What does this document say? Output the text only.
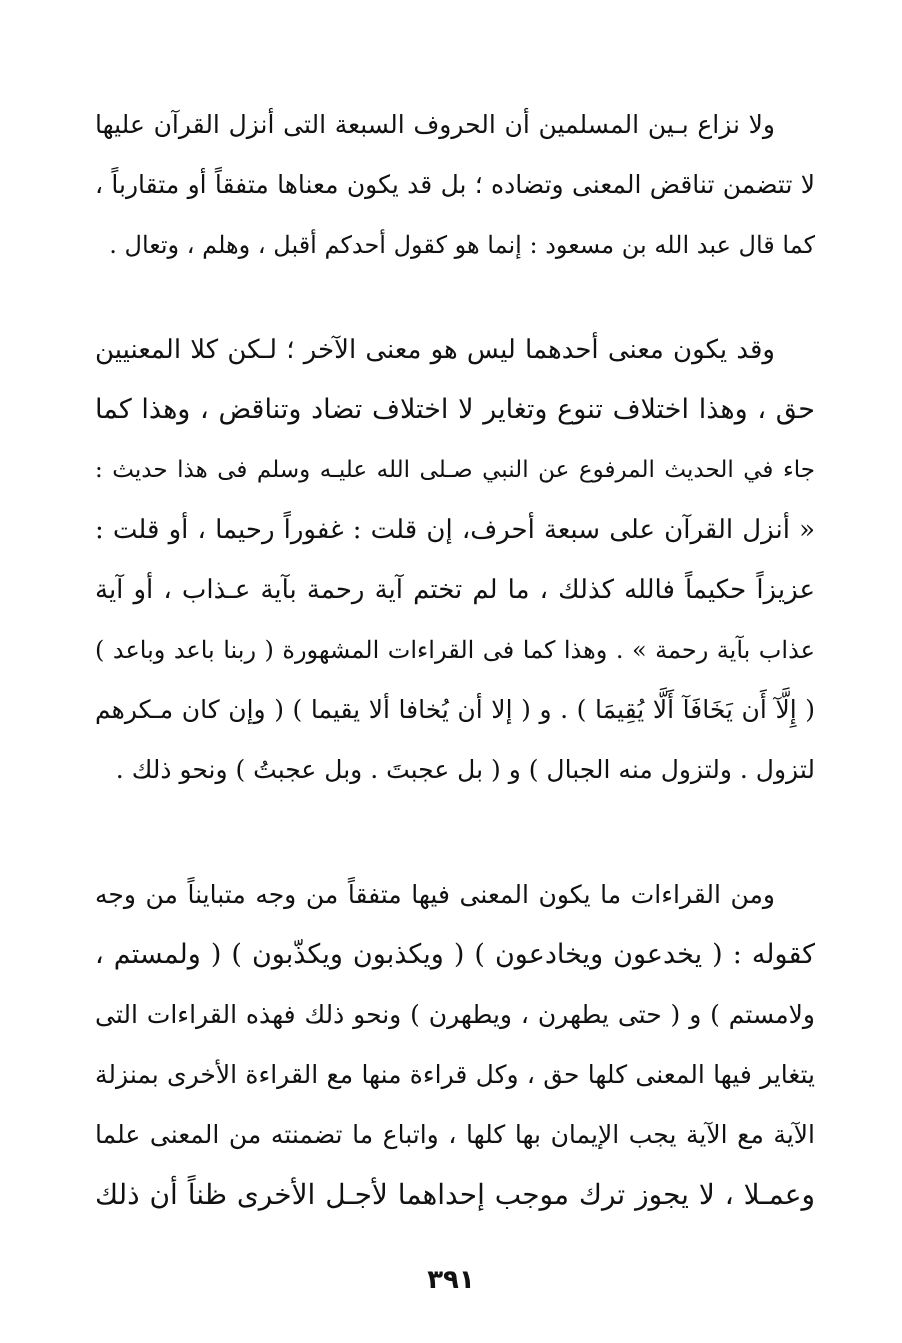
ولا نزاع بـين المسلمين أن الحروف السبعة التى أنزل القرآن عليها
لا تتضمن تناقض المعنى وتضاده ؛ بل قد يكون معناها متفقاً أو متقارباً ،
كما قال عبد الله بن مسعود : إنما هو كقول أحدكم أقبل ، وهلم ، وتعال .
وقد يكون معنى أحدهما ليس هو معنى الآخر ؛ لـكن كلا المعنيين
حق ، وهذا اختلاف تنوع وتغاير لا اختلاف تضاد وتناقض ، وهذا كما
جاء في الحديث المرفوع عن النبي صـلى الله عليـه وسلم فى هذا حديث :
« أنزل القرآن على سبعة أحرف، إن قلت : غفوراً رحيما ، أو قلت :
عزيزاً حكيماً فالله كذلك ، ما لم تختم آية رحمة بآية عـذاب ، أو آية
عذاب بآية رحمة » . وهذا كما فى القراءات المشهورة ( ربنا باعد وباعد )
( إِلَّآ أَن يَخَافَآ أَلَّا يُقِيمَا ) . و ( إلا أن يُخافا ألا يقيما ) ( وإن كان مـكرهم
لتزول . ولتزول منه الجبال ) و ( بل عجبتَ . وبل عجبتُ ) ونحو ذلك .
ومن القراءات ما يكون المعنى فيها متفقاً من وجه متبايناً من وجه
كقوله : ( يخدعون ويخادعون ) ( ويكذبون ويكذّبون ) ( ولمستم ،
ولامستم ) و ( حتى يطهرن ، ويطهرن ) ونحو ذلك فهذه القراءات التى
يتغاير فيها المعنى كلها حق ، وكل قراءة منها مع القراءة الأخرى بمنزلة
الآية مع الآية يجب الإيمان بها كلها ، واتباع ما تضمنته من المعنى علما
وعمـلا ، لا يجوز ترك موجب إحداهما لأجـل الأخرى ظناً أن ذلك
٣٩١
